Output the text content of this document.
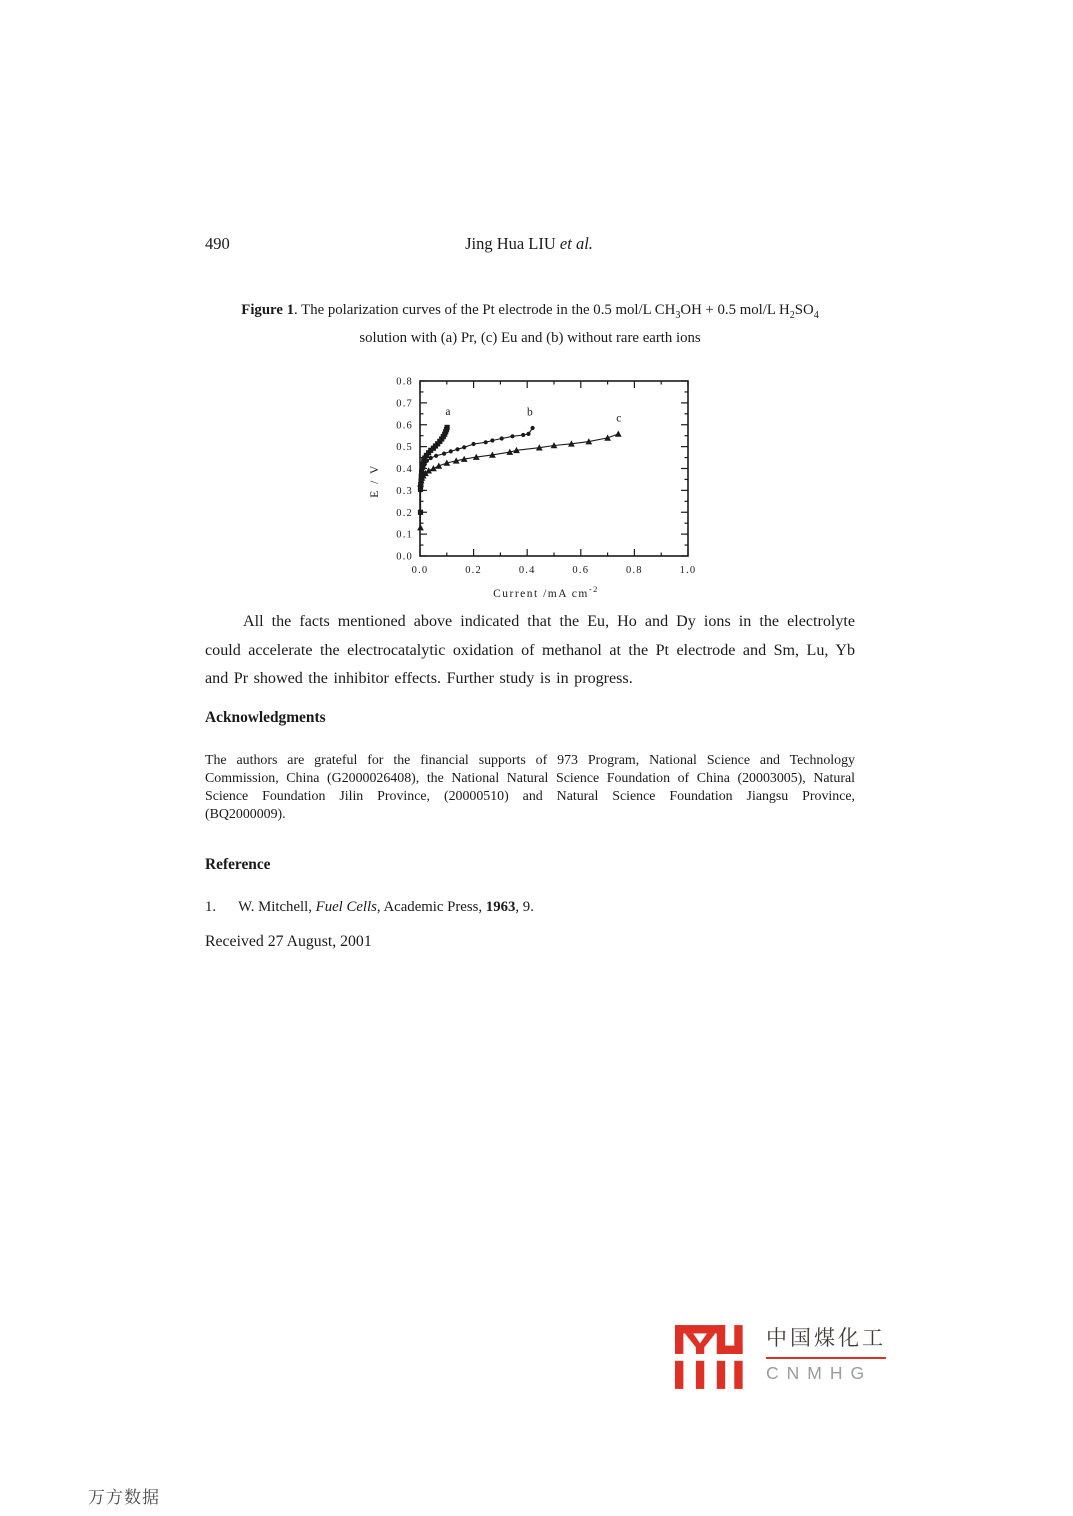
490	Jing Hua LIU et al.
Figure 1. The polarization curves of the Pt electrode in the 0.5 mol/L $CH_3OH + 0.5$ mol/L $H_2SO_4$
solution with (a) Pr, (c) Eu and (b) without rare earth ions
0.0	0.2	0.4	0.6	0.8	1.0
0.0
0.1
0.2
0.3
0.4
0.5
0.6
0.7
0.8
a	b	c
Current /mA $cm^{-2}$
E / V

All the facts mentioned above indicated that the Eu, Ho and Dy ions in the electrolyte could accelerate the electrocatalytic oxidation of methanol at the Pt electrode and Sm, Lu, Yb and Pr showed the inhibitor effects. Further study is in progress.

Acknowledgments

The authors are grateful for the financial supports of 973 Program, National Science and Technology Commission, China (G2000026408), the National Natural Science Foundation of China (20003005), Natural Science Foundation Jilin Province, (20000510) and Natural Science Foundation Jiangsu Province, (BQ2000009).

Reference

1. W. Mitchell, Fuel Cells, Academic Press, 1963, 9.

Received 27 August, 2001

中国煤化工
CNMHG
万方数据
